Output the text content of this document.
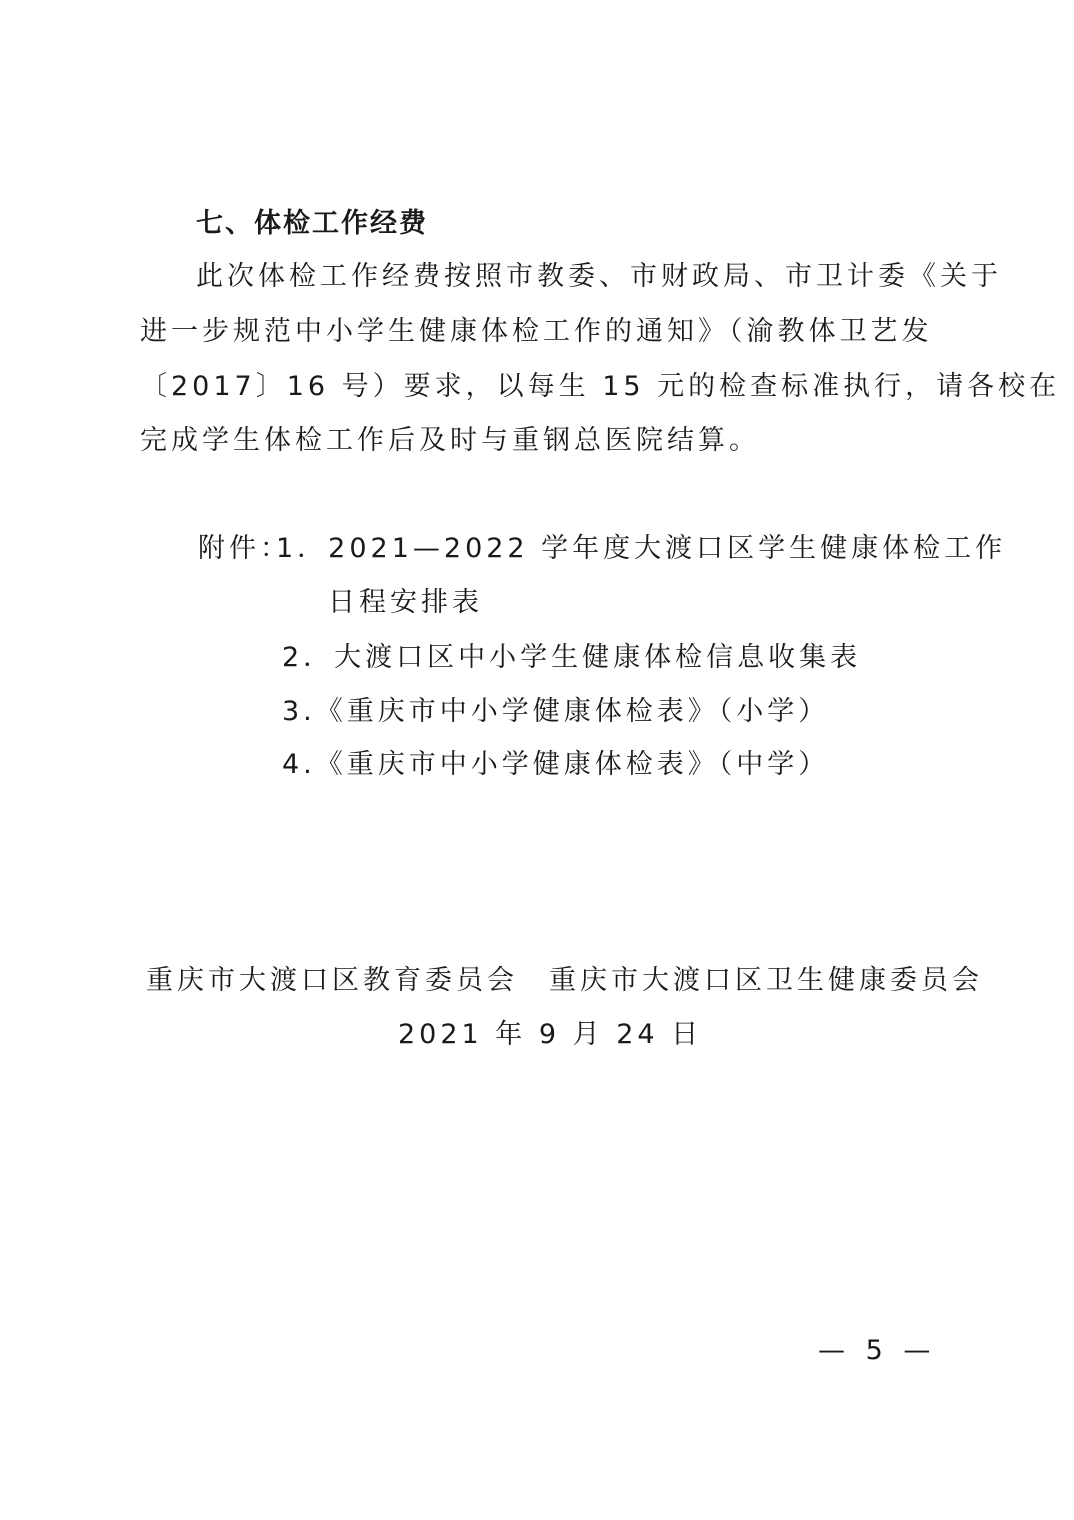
七、体检工作经费
此次体检工作经费按照市教委、市财政局、市卫计委《关于
进一步规范中小学生健康体检工作的通知》（渝教体卫艺发
〔2017〕16 号）要求，以每生 15 元的检查标准执行，请各校在
完成学生体检工作后及时与重钢总医院结算。
附件：
1．2021—2022 学年度大渡口区学生健康体检工作
日程安排表
2．大渡口区中小学生健康体检信息收集表
3.《重庆市中小学健康体检表》（小学）
4.《重庆市中小学健康体检表》（中学）
重庆市大渡口区教育委员会　重庆市大渡口区卫生健康委员会
2021 年 9 月 24 日
— 5 —
